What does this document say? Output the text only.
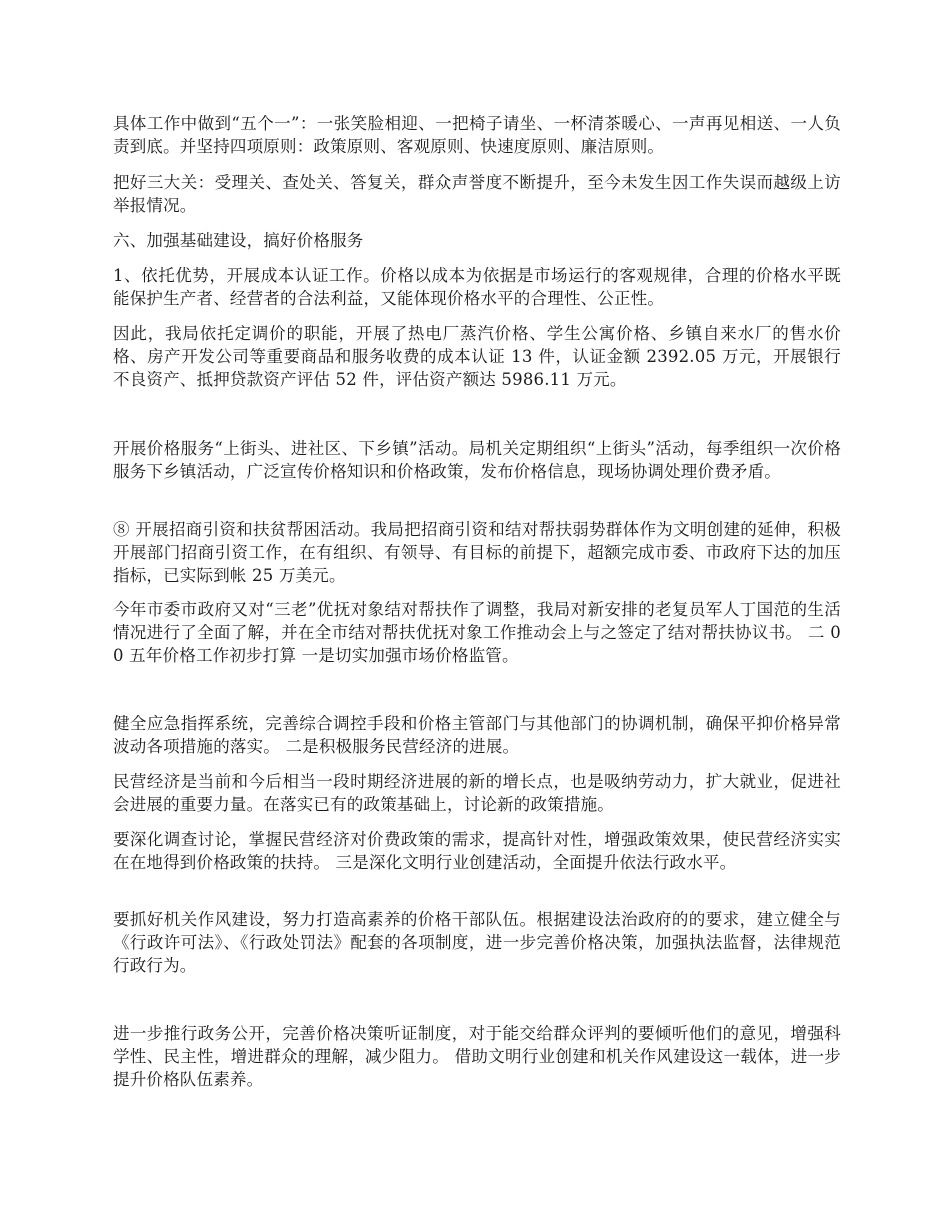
具体工作中做到“五个一”：一张笑脸相迎、一把椅子请坐、一杯清茶暖心、一声再见相送、一人负责到底。并坚持四项原则：政策原则、客观原则、快速度原则、廉洁原则。

把好三大关：受理关、查处关、答复关，群众声誉度不断提升，至今未发生因工作失误而越级上访举报情况。

六、加强基础建设，搞好价格服务

1、依托优势，开展成本认证工作。价格以成本为依据是市场运行的客观规律，合理的价格水平既能保护生产者、经营者的合法利益，又能体现价格水平的合理性、公正性。

因此，我局依托定调价的职能，开展了热电厂蒸汽价格、学生公寓价格、乡镇自来水厂的售水价格、房产开发公司等重要商品和服务收费的成本认证 13 件，认证金额 2392.05 万元，开展银行不良资产、抵押贷款资产评估 52 件，评估资产额达 5986.11 万元。

开展价格服务“上街头、进社区、下乡镇”活动。局机关定期组织“上街头”活动，每季组织一次价格服务下乡镇活动，广泛宣传价格知识和价格政策，发布价格信息，现场协调处理价费矛盾。

⑧ 开展招商引资和扶贫帮困活动。我局把招商引资和结对帮扶弱势群体作为文明创建的延伸，积极开展部门招商引资工作，在有组织、有领导、有目标的前提下，超额完成市委、市政府下达的加压指标，已实际到帐 25 万美元。

今年市委市政府又对“三老”优抚对象结对帮扶作了调整，我局对新安排的老复员军人丁国范的生活情况进行了全面了解，并在全市结对帮扶优抚对象工作推动会上与之签定了结对帮扶协议书。 二 00 五年价格工作初步打算 一是切实加强市场价格监管。

健全应急指挥系统，完善综合调控手段和价格主管部门与其他部门的协调机制，确保平抑价格异常波动各项措施的落实。 二是积极服务民营经济的进展。

民营经济是当前和今后相当一段时期经济进展的新的增长点，也是吸纳劳动力，扩大就业，促进社会进展的重要力量。在落实已有的政策基础上，讨论新的政策措施。

要深化调查讨论，掌握民营经济对价费政策的需求，提高针对性，增强政策效果，使民营经济实实在在地得到价格政策的扶持。 三是深化文明行业创建活动，全面提升依法行政水平。

要抓好机关作风建设，努力打造高素养的价格干部队伍。根据建设法治政府的的要求，建立健全与《行政许可法》、《行政处罚法》配套的各项制度，进一步完善价格决策，加强执法监督，法律规范行政行为。

进一步推行政务公开，完善价格决策听证制度，对于能交给群众评判的要倾听他们的意见，增强科学性、民主性，增进群众的理解，减少阻力。 借助文明行业创建和机关作风建设这一载体，进一步提升价格队伍素养。
